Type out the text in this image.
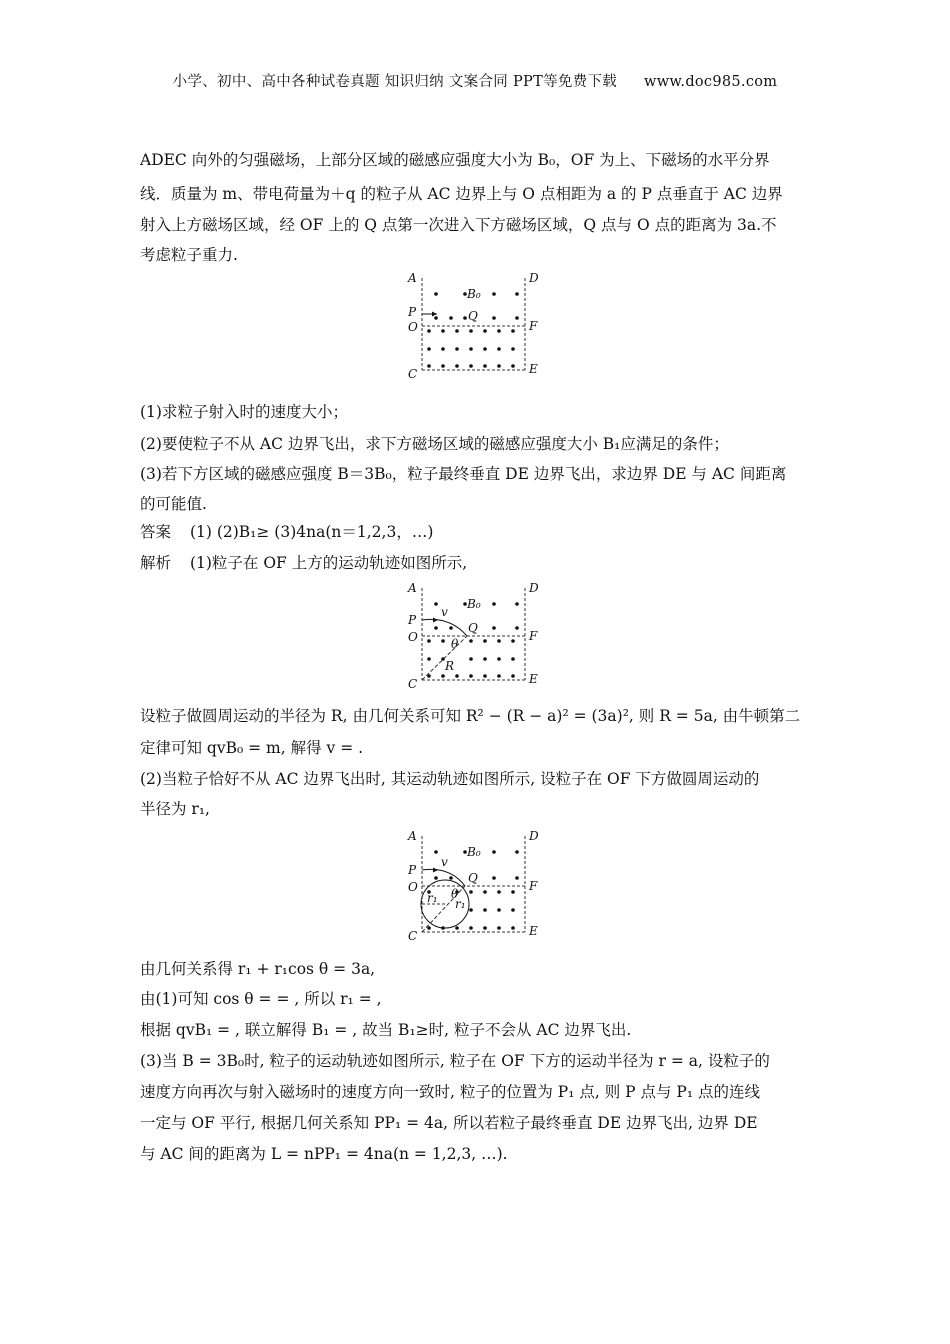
小学、初中、高中各种试卷真题 知识归纳 文案合同 PPT等免费下载 www.doc985.com
ADEC 向外的匀强磁场，上部分区域的磁感应强度大小为 B₀，OF 为上、下磁场的水平分界
线．质量为 m、带电荷量为＋q 的粒子从 AC 边界上与 O 点相距为 a 的 P 点垂直于 AC 边界
射入上方磁场区域，经 OF 上的 Q 点第一次进入下方磁场区域，Q 点与 O 点的距离为 3a.不
考虑粒子重力.
A	D
B₀
P	Q
O	F
C	E
(1)求粒子射入时的速度大小；
(2)要使粒子不从 AC 边界飞出，求下方磁场区域的磁感应强度大小 B₁应满足的条件；
(3)若下方区域的磁感应强度 B＝3B₀，粒子最终垂直 DE 边界飞出，求边界 DE 与 AC 间距离
的可能值.
答案 (1) (2)B₁≥ (3)4na(n＝1,2,3，…)
解析 (1)粒子在 OF 上方的运动轨迹如图所示,
A	D
B₀
v
P
Q
O	F
θ
R
C	E
设粒子做圆周运动的半径为 R, 由几何关系可知 R² − (R − a)² = (3a)², 则 R = 5a, 由牛顿第二
定律可知 qvB₀ = m, 解得 v = .
(2)当粒子恰好不从 AC 边界飞出时, 其运动轨迹如图所示, 设粒子在 OF 下方做圆周运动的
半径为 r₁,
A	D
B₀
v
P
Q
O	F
r₁ θ
r₁
C	E
由几何关系得 r₁ + r₁cos θ = 3a,
由(1)可知 cos θ = = , 所以 r₁ = ,
根据 qvB₁ = , 联立解得 B₁ = , 故当 B₁≥时, 粒子不会从 AC 边界飞出.
(3)当 B = 3B₀时, 粒子的运动轨迹如图所示, 粒子在 OF 下方的运动半径为 r = a, 设粒子的
速度方向再次与射入磁场时的速度方向一致时, 粒子的位置为 P₁ 点, 则 P 点与 P₁ 点的连线
一定与 OF 平行, 根据几何关系知 PP₁ = 4a, 所以若粒子最终垂直 DE 边界飞出, 边界 DE
与 AC 间的距离为 L = nPP₁ = 4na(n = 1,2,3, …).
